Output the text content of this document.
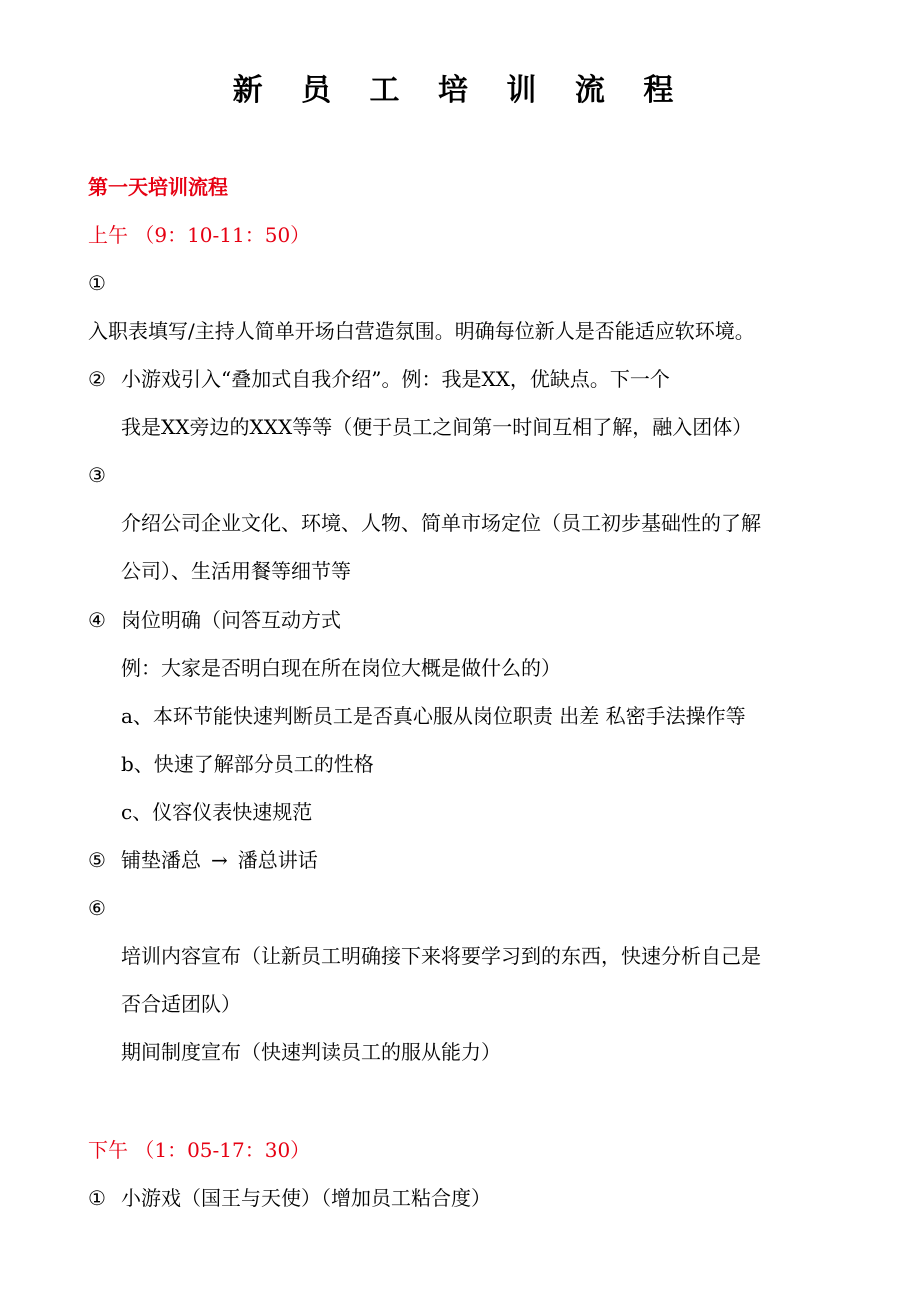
新 员 工 培 训 流 程
第一天培训流程
上午 （9：10-11：50）
①
入职表填写/主持人简单开场白营造氛围。明确每位新人是否能适应软环境。
② 小游戏引入“叠加式自我介绍”。例：我是XX，优缺点。下一个
我是XX旁边的XXX等等（便于员工之间第一时间互相了解，融入团体）
③
介绍公司企业文化、环境、人物、简单市场定位（员工初步基础性的了解
公司）、生活用餐等细节等
④ 岗位明确（问答互动方式
例：大家是否明白现在所在岗位大概是做什么的）
a、本环节能快速判断员工是否真心服从岗位职责 出差 私密手法操作等
b、快速了解部分员工的性格
c、仪容仪表快速规范
⑤ 铺垫潘总 → 潘总讲话
⑥
培训内容宣布（让新员工明确接下来将要学习到的东西，快速分析自己是
否合适团队）
期间制度宣布（快速判读员工的服从能力）
下午 （1：05-17：30）
① 小游戏（国王与天使）（增加员工粘合度）
